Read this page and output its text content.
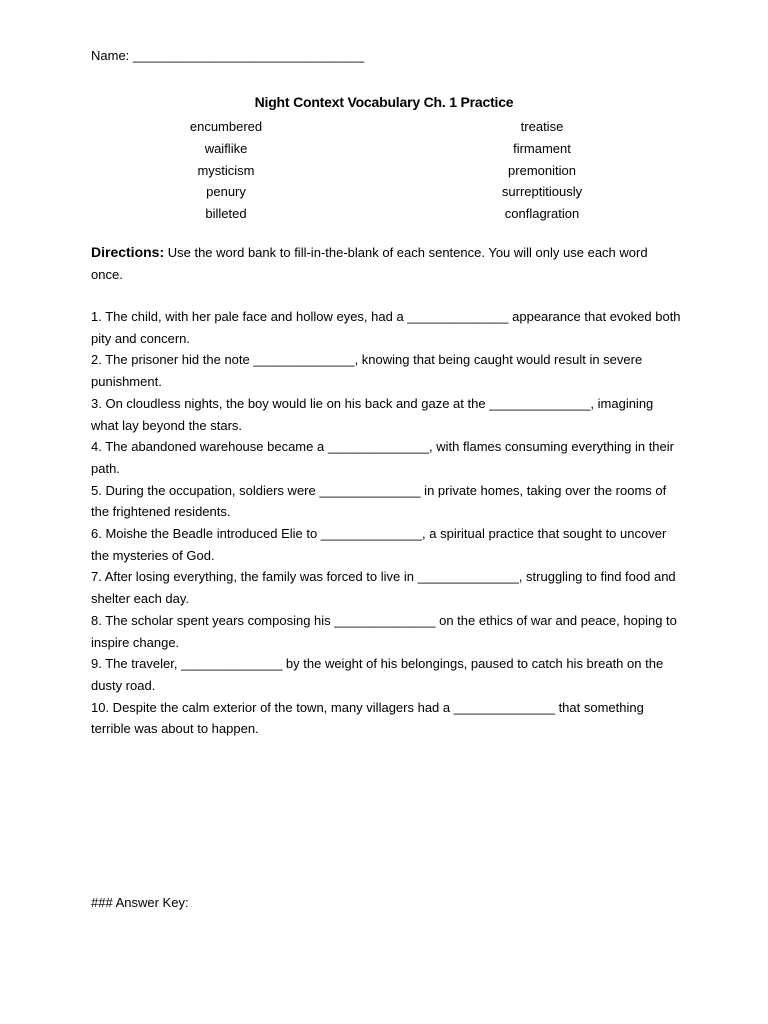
Name: ________________________________
Night Context Vocabulary Ch. 1 Practice
encumbered
waiflike
mysticism
penury
billeted
treatise
firmament
premonition
surreptitiously
conflagration
Directions: Use the word bank to fill-in-the-blank of each sentence. You will only use each word once.
1. The child, with her pale face and hollow eyes, had a ______________ appearance that evoked both pity and concern.
2. The prisoner hid the note ______________, knowing that being caught would result in severe punishment.
3. On cloudless nights, the boy would lie on his back and gaze at the ______________, imagining what lay beyond the stars.
4. The abandoned warehouse became a ______________, with flames consuming everything in their path.
5. During the occupation, soldiers were ______________ in private homes, taking over the rooms of the frightened residents.
6. Moishe the Beadle introduced Elie to ______________, a spiritual practice that sought to uncover the mysteries of God.
7. After losing everything, the family was forced to live in ______________, struggling to find food and shelter each day.
8. The scholar spent years composing his ______________ on the ethics of war and peace, hoping to inspire change.
9. The traveler, ______________ by the weight of his belongings, paused to catch his breath on the dusty road.
10. Despite the calm exterior of the town, many villagers had a ______________ that something terrible was about to happen.
### Answer Key:
